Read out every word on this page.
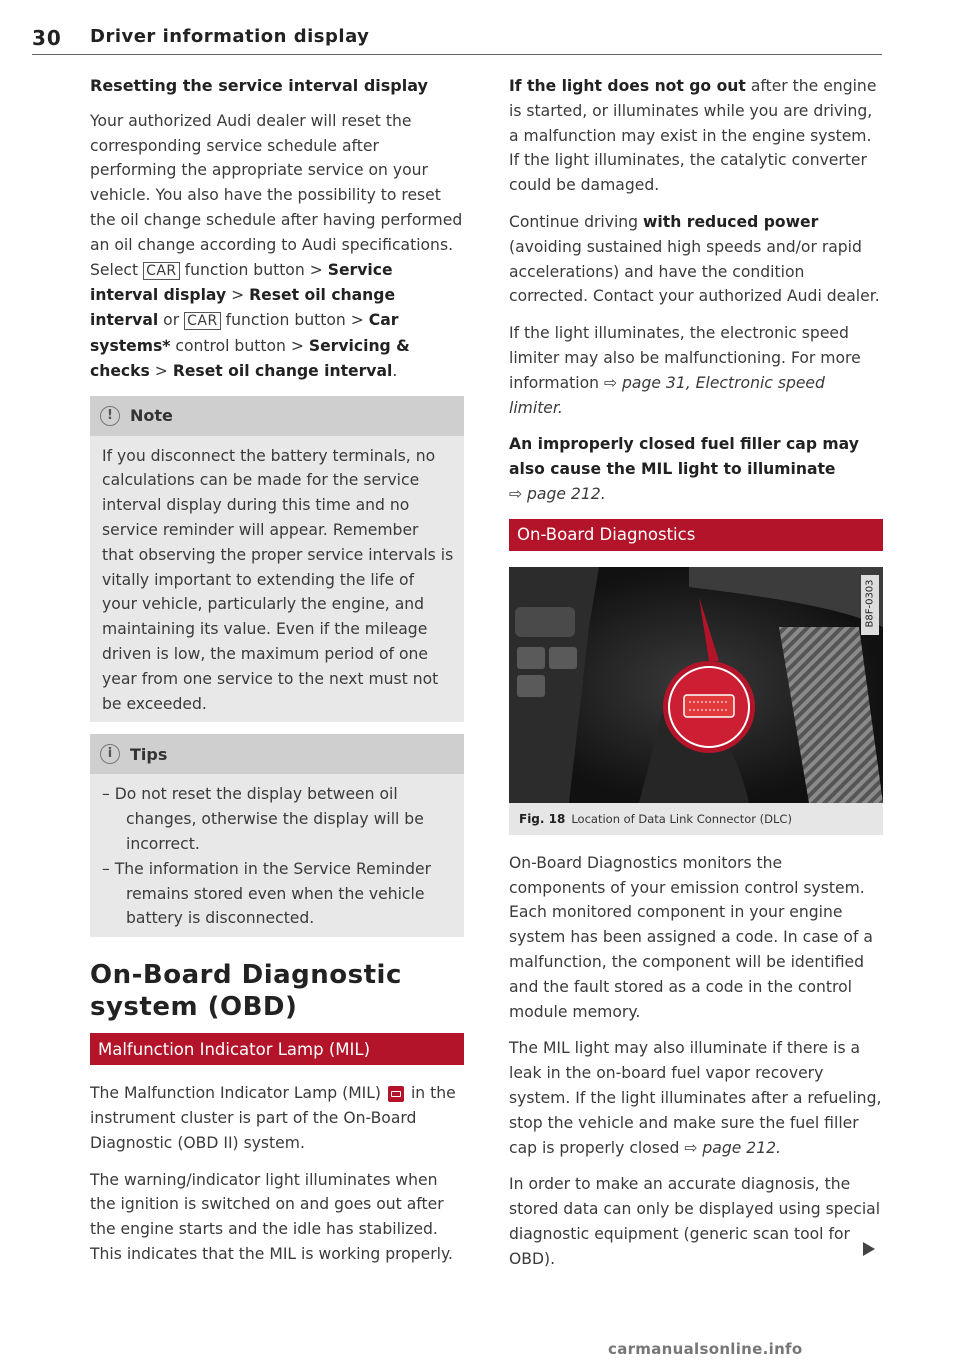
30 Driver information display
Resetting the service interval display

Your authorized Audi dealer will reset the corresponding service schedule after performing the appropriate service on your vehicle. You also have the possibility to reset the oil change schedule after having performed an oil change according to Audi specifications. Select CAR function button > Service interval display > Reset oil change interval or CAR function button > Car systems* control button > Servicing & checks > Reset oil change interval.

!	Note

If you disconnect the battery terminals, no calculations can be made for the service interval display during this time and no service reminder will appear. Remember that observing the proper service intervals is vitally important to extending the life of your vehicle, particularly the engine, and maintaining its value. Even if the mileage driven is low, the maximum period of one year from one service to the next must not be exceeded.

i	Tips

– Do not reset the display between oil changes, otherwise the display will be incorrect.

– The information in the Service Reminder remains stored even when the vehicle battery is disconnected.

On-Board Diagnostic system (OBD)
Malfunction Indicator Lamp (MIL)

The Malfunction Indicator Lamp (MIL) in the instrument cluster is part of the On-Board Diagnostic (OBD II) system.

The warning/indicator light illuminates when the ignition is switched on and goes out after the engine starts and the idle has stabilized. This indicates that the MIL is working properly.

If the light does not go out after the engine is started, or illuminates while you are driving, a malfunction may exist in the engine system. If the light illuminates, the catalytic converter could be damaged.

Continue driving with reduced power (avoiding sustained high speeds and/or rapid accelerations) and have the condition corrected. Contact your authorized Audi dealer.

If the light illuminates, the electronic speed limiter may also be malfunctioning. For more information ⇨ page 31, Electronic speed limiter.

An improperly closed fuel filler cap may also cause the MIL light to illuminate
⇨ page 212.

On-Board Diagnostics
B8F-0303
Fig. 18 Location of Data Link Connector (DLC)

On-Board Diagnostics monitors the components of your emission control system. Each monitored component in your engine system has been assigned a code. In case of a malfunction, the component will be identified and the fault stored as a code in the control module memory.

The MIL light may also illuminate if there is a leak in the on-board fuel vapor recovery system. If the light illuminates after a refueling, stop the vehicle and make sure the fuel filler cap is properly closed ⇨ page 212.

In order to make an accurate diagnosis, the stored data can only be displayed using special diagnostic equipment (generic scan tool for OBD).

carmanualsonline.info
